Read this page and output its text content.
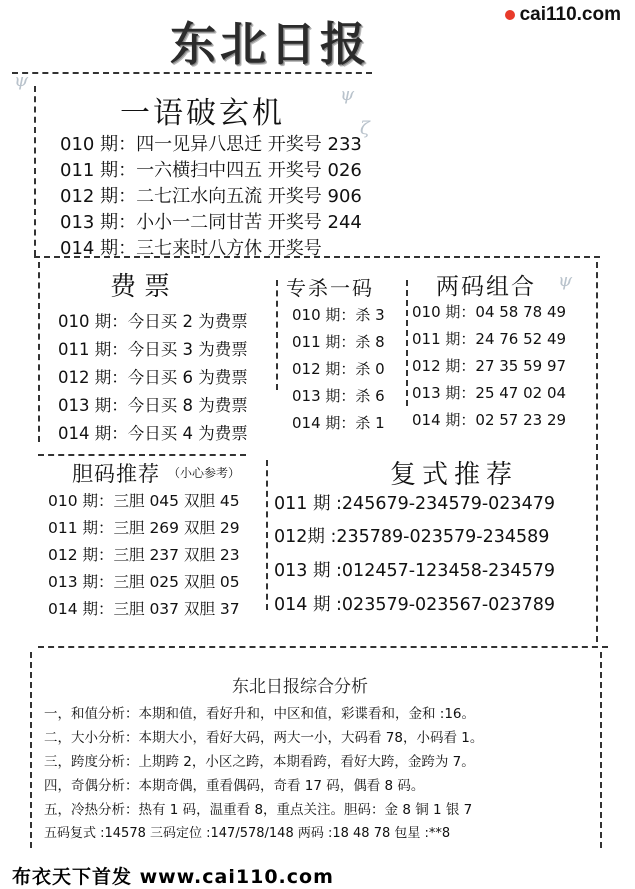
东北日报
cai110.com
ψ
ψ
ζ
ψ
一语破玄机
010 期：四一见异八思迁 开奖号 233
011 期：一六横扫中四五 开奖号 026
012 期：二七江水向五流 开奖号 906
013 期：小小一二同甘苦 开奖号 244
014 期：三七来时八方休 开奖号
费票
010 期：今日买 2 为费票
011 期：今日买 3 为费票
012 期：今日买 6 为费票
013 期：今日买 8 为费票
014 期：今日买 4 为费票
专杀一码
010 期：杀 3
011 期：杀 8
012 期：杀 0
013 期：杀 6
014 期：杀 1
两码组合
010 期：04 58 78 49
011 期：24 76 52 49
012 期：27 35 59 97
013 期：25 47 02 04
014 期：02 57 23 29
胆码推荐 （小心参考）
010 期：三胆 045 双胆 45
011 期：三胆 269 双胆 29
012 期：三胆 237 双胆 23
013 期：三胆 025 双胆 05
014 期：三胆 037 双胆 37
复式推荐
011 期 :245679-234579-023479
012期 :235789-023579-234589
013 期 :012457-123458-234579
014 期 :023579-023567-023789
东北日报综合分析
一，和值分析：本期和值，看好升和，中区和值，彩谍看和，金和 :16。
二，大小分析：本期大小，看好大码，两大一小，大码看 78，小码看 1。
三，跨度分析：上期跨 2，小区之跨，本期看跨，看好大跨，金跨为 7。
四，奇偶分析：本期奇偶，重看偶码，奇看 17 码，偶看 8 码。
五，冷热分析：热有 1 码，温重看 8，重点关注。胆码：金 8 铜 1 银 7
五码复式 :14578 三码定位 :147/578/148 两码 :18 48 78 包星 :**8
布衣天下首发 www.cai110.com
